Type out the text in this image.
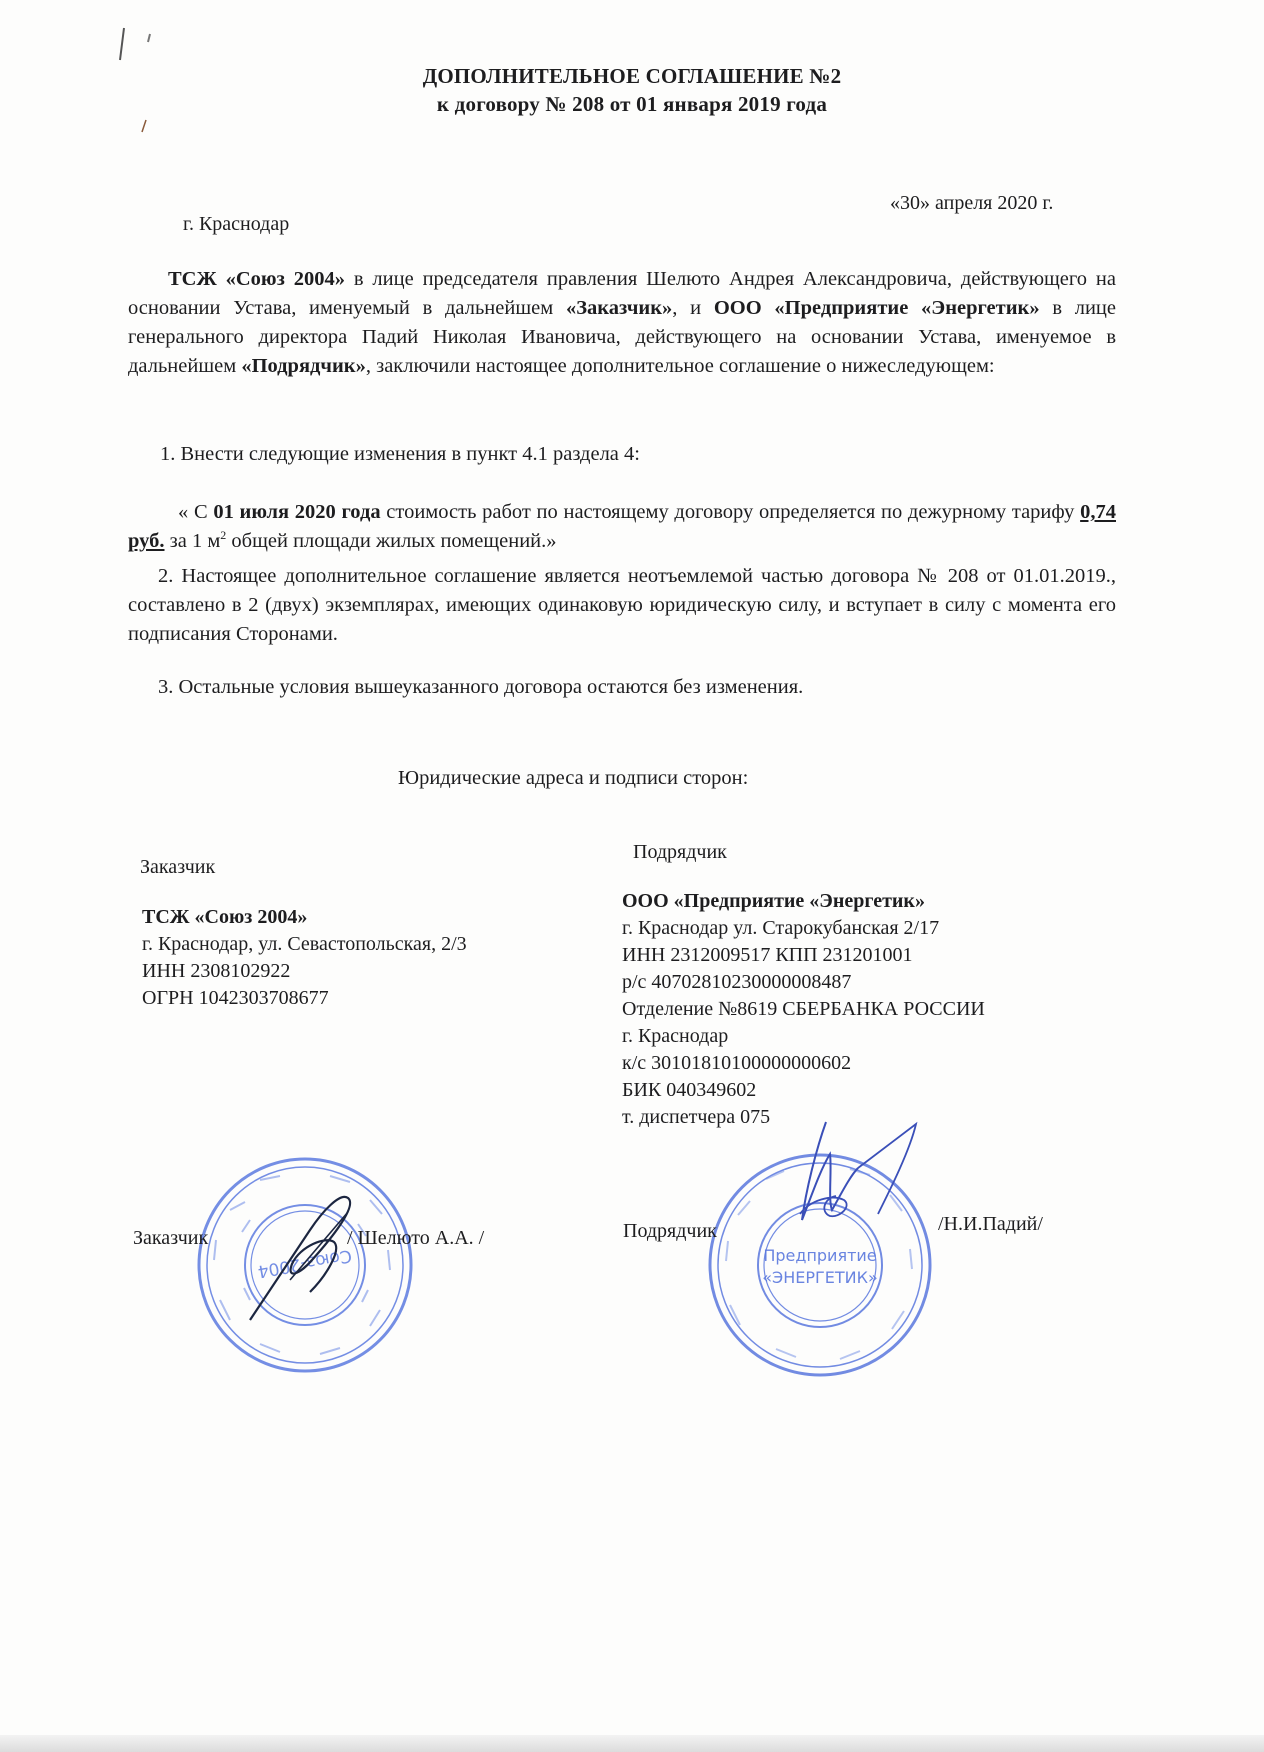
ДОПОЛНИТЕЛЬНОЕ СОГЛАШЕНИЕ №2
к договору № 208 от 01 января 2019 года
г. Краснодар
«30» апреля 2020 г.
ТСЖ «Союз 2004» в лице председателя правления Шелюто Андрея Александровича, действующего на основании Устава, именуемый в дальнейшем «Заказчик», и ООО «Предприятие «Энергетик» в лице генерального директора Падий Николая Ивановича, действующего на основании Устава, именуемое в дальнейшем «Подрядчик», заключили настоящее дополнительное соглашение о нижеследующем:
1. Внести следующие изменения в пункт 4.1 раздела 4:
« С 01 июля 2020 года стоимость работ по настоящему договору определяется по дежурному тарифу 0,74 руб. за 1 $м^2$ общей площади жилых помещений.»
2. Настоящее дополнительное соглашение является неотъемлемой частью договора № 208 от 01.01.2019., составлено в 2 (двух) экземплярах, имеющих одинаковую юридическую силу, и вступает в силу с момента его подписания Сторонами.
3. Остальные условия вышеуказанного договора остаются без изменения.
Юридические адреса и подписи сторон:
Заказчик
ТСЖ «Союз 2004»
г. Краснодар, ул. Севастопольская, 2/3
ИНН 2308102922
ОГРН 1042303708677
Подрядчик
ООО «Предприятие «Энергетик»
г. Краснодар ул. Старокубанская 2/17
ИНН 2312009517 КПП 231201001
р/с 40702810230000008487
Отделение №8619 СБЕРБАНКА РОССИИ
г. Краснодар
к/с 30101810100000000602
БИК 040349602
т. диспетчера 075
Союз-2004	Предприятие
«ЭНЕРГЕТИК»
Заказчик	/ Шелюто А.А. /	Подрядчик	/Н.И.Падий/
